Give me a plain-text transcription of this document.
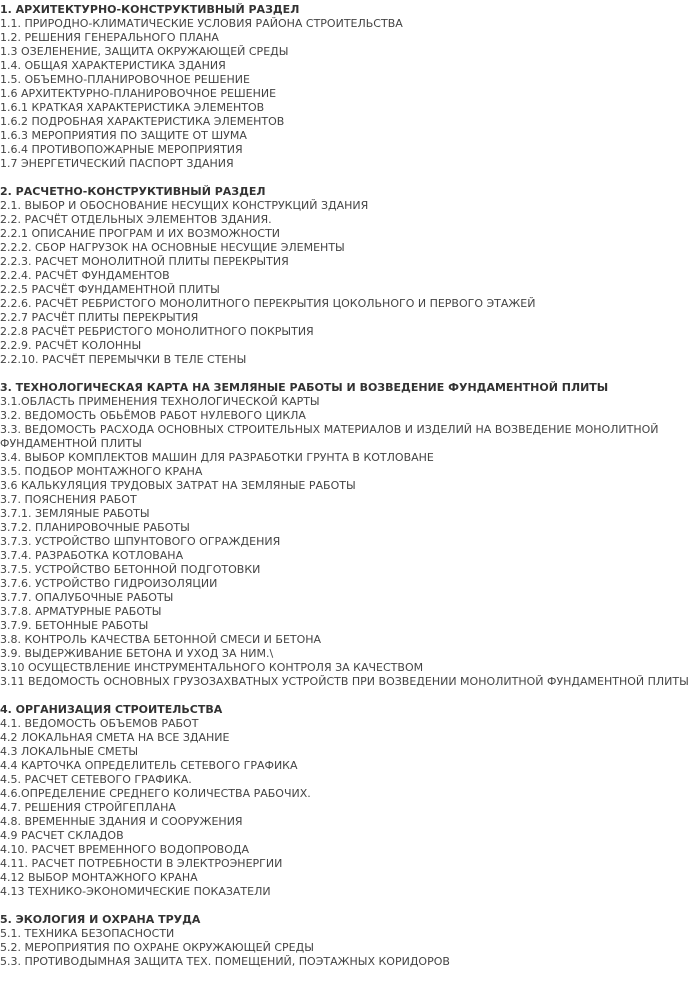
1. АРХИТЕКТУРНО-КОНСТРУКТИВНЫЙ РАЗДЕЛ
1.1. ПРИРОДНО-КЛИМАТИЧЕСКИЕ УСЛОВИЯ РАЙОНА СТРОИТЕЛЬСТВА
1.2. РЕШЕНИЯ ГЕНЕРАЛЬНОГО ПЛАНА
1.3 ОЗЕЛЕНЕНИЕ, ЗАЩИТА ОКРУЖАЮЩЕЙ СРЕДЫ
1.4. ОБЩАЯ ХАРАКТЕРИСТИКА ЗДАНИЯ
1.5. ОБЪЕМНО-ПЛАНИРОВОЧНОЕ РЕШЕНИЕ
1.6 АРХИТЕКТУРНО-ПЛАНИРОВОЧНОЕ РЕШЕНИЕ
1.6.1 КРАТКАЯ ХАРАКТЕРИСТИКА ЭЛЕМЕНТОВ
1.6.2 ПОДРОБНАЯ ХАРАКТЕРИСТИКА ЭЛЕМЕНТОВ
1.6.3 МЕРОПРИЯТИЯ ПО ЗАЩИТЕ ОТ ШУМА
1.6.4 ПРОТИВОПОЖАРНЫЕ МЕРОПРИЯТИЯ
1.7 ЭНЕРГЕТИЧЕСКИЙ ПАСПОРТ ЗДАНИЯ
2. РАСЧЕТНО-КОНСТРУКТИВНЫЙ РАЗДЕЛ
2.1. ВЫБОР И ОБОСНОВАНИЕ НЕСУЩИХ КОНСТРУКЦИЙ ЗДАНИЯ
2.2. РАСЧЁТ ОТДЕЛЬНЫХ ЭЛЕМЕНТОВ ЗДАНИЯ.
2.2.1 ОПИСАНИЕ ПРОГРАМ И ИХ ВОЗМОЖНОСТИ
2.2.2. СБОР НАГРУЗОК НА ОСНОВНЫЕ НЕСУЩИЕ ЭЛЕМЕНТЫ
2.2.3. РАСЧЕТ МОНОЛИТНОЙ ПЛИТЫ ПЕРЕКРЫТИЯ
2.2.4. РАСЧЁТ ФУНДАМЕНТОВ
2.2.5 РАСЧЁТ ФУНДАМЕНТНОЙ ПЛИТЫ
2.2.6. РАСЧЁТ РЕБРИСТОГО МОНОЛИТНОГО ПЕРЕКРЫТИЯ ЦОКОЛЬНОГО И ПЕРВОГО ЭТАЖЕЙ
2.2.7 РАСЧЁТ ПЛИТЫ ПЕРЕКРЫТИЯ
2.2.8 РАСЧЁТ РЕБРИСТОГО МОНОЛИТНОГО ПОКРЫТИЯ
2.2.9. РАСЧЁТ КОЛОННЫ
2.2.10. РАСЧЁТ ПЕРЕМЫЧКИ В ТЕЛЕ СТЕНЫ
3. ТЕХНОЛОГИЧЕСКАЯ КАРТА НА ЗЕМЛЯНЫЕ РАБОТЫ И ВОЗВЕДЕНИЕ ФУНДАМЕНТНОЙ ПЛИТЫ
3.1.ОБЛАСТЬ ПРИМЕНЕНИЯ ТЕХНОЛОГИЧЕСКОЙ КАРТЫ
3.2. ВЕДОМОСТЬ ОБЬЁМОВ РАБОТ НУЛЕВОГО ЦИКЛА
3.3. ВЕДОМОСТЬ РАСХОДА ОСНОВНЫХ СТРОИТЕЛЬНЫХ МАТЕРИАЛОВ И ИЗДЕЛИЙ НА ВОЗВЕДЕНИЕ МОНОЛИТНОЙ ФУНДАМЕНТНОЙ ПЛИТЫ
3.4. ВЫБОР КОМПЛЕКТОВ МАШИН ДЛЯ РАЗРАБОТКИ ГРУНТА В КОТЛОВАНЕ
3.5. ПОДБОР МОНТАЖНОГО КРАНА
3.6 КАЛЬКУЛЯЦИЯ ТРУДОВЫХ ЗАТРАТ НА ЗЕМЛЯНЫЕ РАБОТЫ
3.7. ПОЯСНЕНИЯ РАБОТ
3.7.1. ЗЕМЛЯНЫЕ РАБОТЫ
3.7.2. ПЛАНИРОВОЧНЫЕ РАБОТЫ
3.7.3. УСТРОЙСТВО ШПУНТОВОГО ОГРАЖДЕНИЯ
3.7.4. РАЗРАБОТКА КОТЛОВАНА
3.7.5. УСТРОЙСТВО БЕТОННОЙ ПОДГОТОВКИ
3.7.6. УСТРОЙСТВО ГИДРОИЗОЛЯЦИИ
3.7.7. ОПАЛУБОЧНЫЕ РАБОТЫ
3.7.8. АРМАТУРНЫЕ РАБОТЫ
3.7.9. БЕТОННЫЕ РАБОТЫ
3.8. КОНТРОЛЬ КАЧЕСТВА БЕТОННОЙ СМЕСИ И БЕТОНА
3.9. ВЫДЕРЖИВАНИЕ БЕТОНА И УХОД ЗА НИМ.\
3.10 ОСУЩЕСТВЛЕНИЕ ИНСТРУМЕНТАЛЬНОГО КОНТРОЛЯ ЗА КАЧЕСТВОМ
3.11 ВЕДОМОСТЬ ОСНОВНЫХ ГРУЗОЗАХВАТНЫХ УСТРОЙСТВ ПРИ ВОЗВЕДЕНИИ МОНОЛИТНОЙ ФУНДАМЕНТНОЙ ПЛИТЫ
4. ОРГАНИЗАЦИЯ СТРОИТЕЛЬСТВА
4.1. ВЕДОМОСТЬ ОБЪЕМОВ РАБОТ
4.2 ЛОКАЛЬНАЯ СМЕТА НА ВСЕ ЗДАНИЕ
4.3 ЛОКАЛЬНЫЕ СМЕТЫ
4.4 КАРТОЧКА ОПРЕДЕЛИТЕЛЬ СЕТЕВОГО ГРАФИКА
4.5. РАСЧЕТ СЕТЕВОГО ГРАФИКА.
4.6.ОПРЕДЕЛЕНИЕ СРЕДНЕГО КОЛИЧЕСТВА РАБОЧИХ.
4.7. РЕШЕНИЯ СТРОЙГЕПЛАНА
4.8. ВРЕМЕННЫЕ ЗДАНИЯ И СООРУЖЕНИЯ
4.9 РАСЧЕТ СКЛАДОВ
4.10. РАСЧЕТ ВРЕМЕННОГО ВОДОПРОВОДА
4.11. РАСЧЕТ ПОТРЕБНОСТИ В ЭЛЕКТРОЭНЕРГИИ
4.12 ВЫБОР МОНТАЖНОГО КРАНА
4.13 ТЕХНИКО-ЭКОНОМИЧЕСКИЕ ПОКАЗАТЕЛИ
5. ЭКОЛОГИЯ И ОХРАНА ТРУДА
5.1. ТЕХНИКА БЕЗОПАСНОСТИ
5.2. МЕРОПРИЯТИЯ ПО ОХРАНЕ ОКРУЖАЮЩЕЙ СРЕДЫ
5.3. ПРОТИВОДЫМНАЯ ЗАЩИТА ТЕХ. ПОМЕЩЕНИЙ, ПОЭТАЖНЫХ КОРИДОРОВ
